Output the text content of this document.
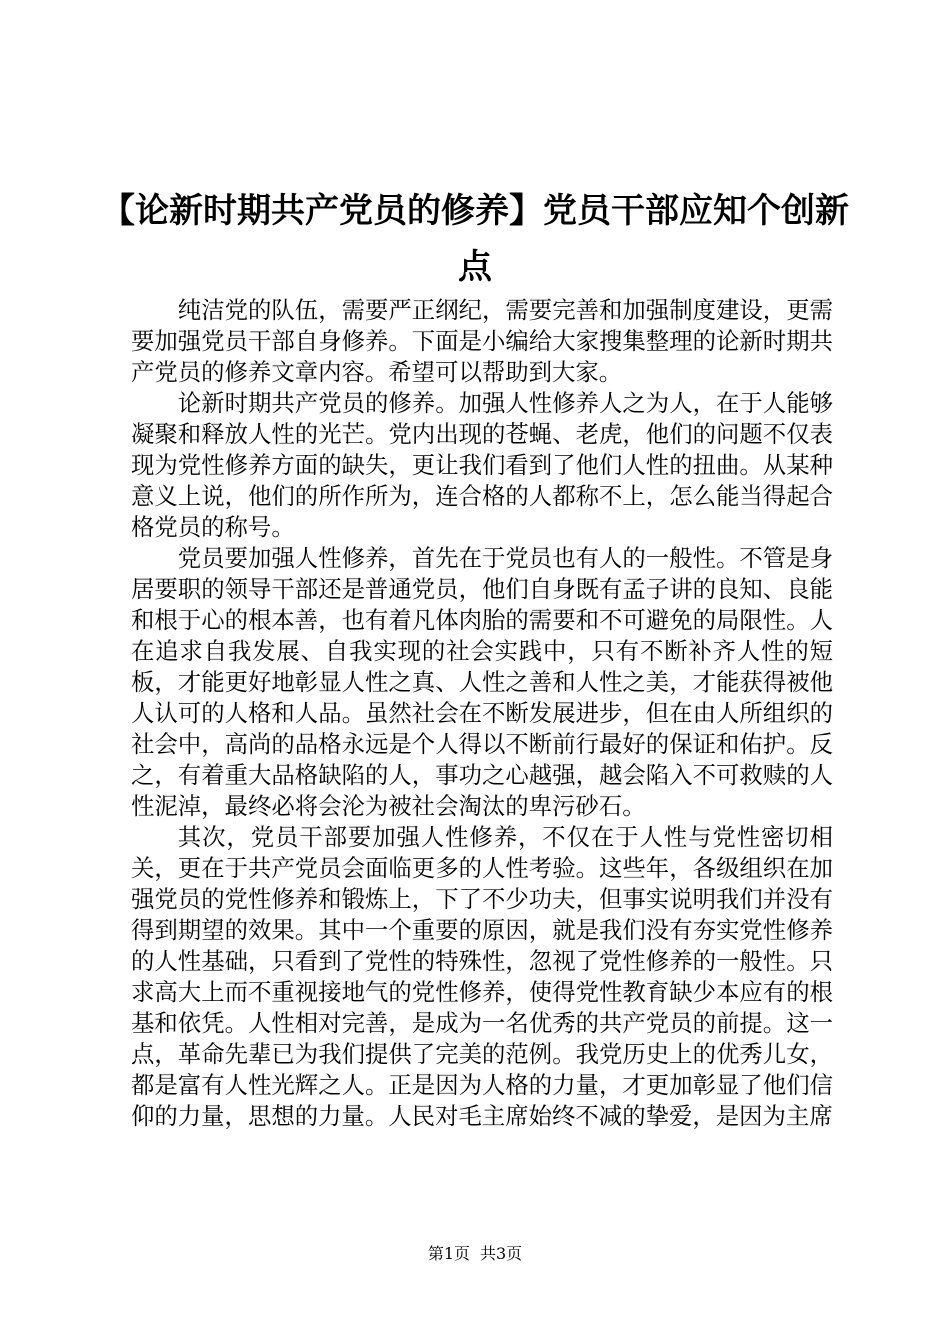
【论新时期共产党员的修养】党员干部应知个创新点

纯洁党的队伍，需要严正纲纪，需要完善和加强制度建设，更需要加强党员干部自身修养。下面是小编给大家搜集整理的论新时期共产党员的修养文章内容。希望可以帮助到大家。

论新时期共产党员的修养。加强人性修养人之为人，在于人能够凝聚和释放人性的光芒。党内出现的苍蝇、老虎，他们的问题不仅表现为党性修养方面的缺失，更让我们看到了他们人性的扭曲。从某种意义上说，他们的所作所为，连合格的人都称不上，怎么能当得起合格党员的称号。

党员要加强人性修养，首先在于党员也有人的一般性。不管是身居要职的领导干部还是普通党员，他们自身既有孟子讲的良知、良能和根于心的根本善，也有着凡体肉胎的需要和不可避免的局限性。人在追求自我发展、自我实现的社会实践中，只有不断补齐人性的短板，才能更好地彰显人性之真、人性之善和人性之美，才能获得被他人认可的人格和人品。虽然社会在不断发展进步，但在由人所组织的社会中，高尚的品格永远是个人得以不断前行最好的保证和佑护。反之，有着重大品格缺陷的人，事功之心越强，越会陷入不可救赎的人性泥淖，最终必将会沦为被社会淘汰的卑污砂石。

其次，党员干部要加强人性修养，不仅在于人性与党性密切相关，更在于共产党员会面临更多的人性考验。这些年，各级组织在加强党员的党性修养和锻炼上，下了不少功夫，但事实说明我们并没有得到期望的效果。其中一个重要的原因，就是我们没有夯实党性修养的人性基础，只看到了党性的特殊性，忽视了党性修养的一般性。只求高大上而不重视接地气的党性修养，使得党性教育缺少本应有的根基和依凭。人性相对完善，是成为一名优秀的共产党员的前提。这一点，革命先辈已为我们提供了完美的范例。我党历史上的优秀儿女，都是富有人性光辉之人。正是因为人格的力量，才更加彰显了他们信仰的力量，思想的力量。人民对毛主席始终不减的挚爱，是因为主席

第1页 共3页
